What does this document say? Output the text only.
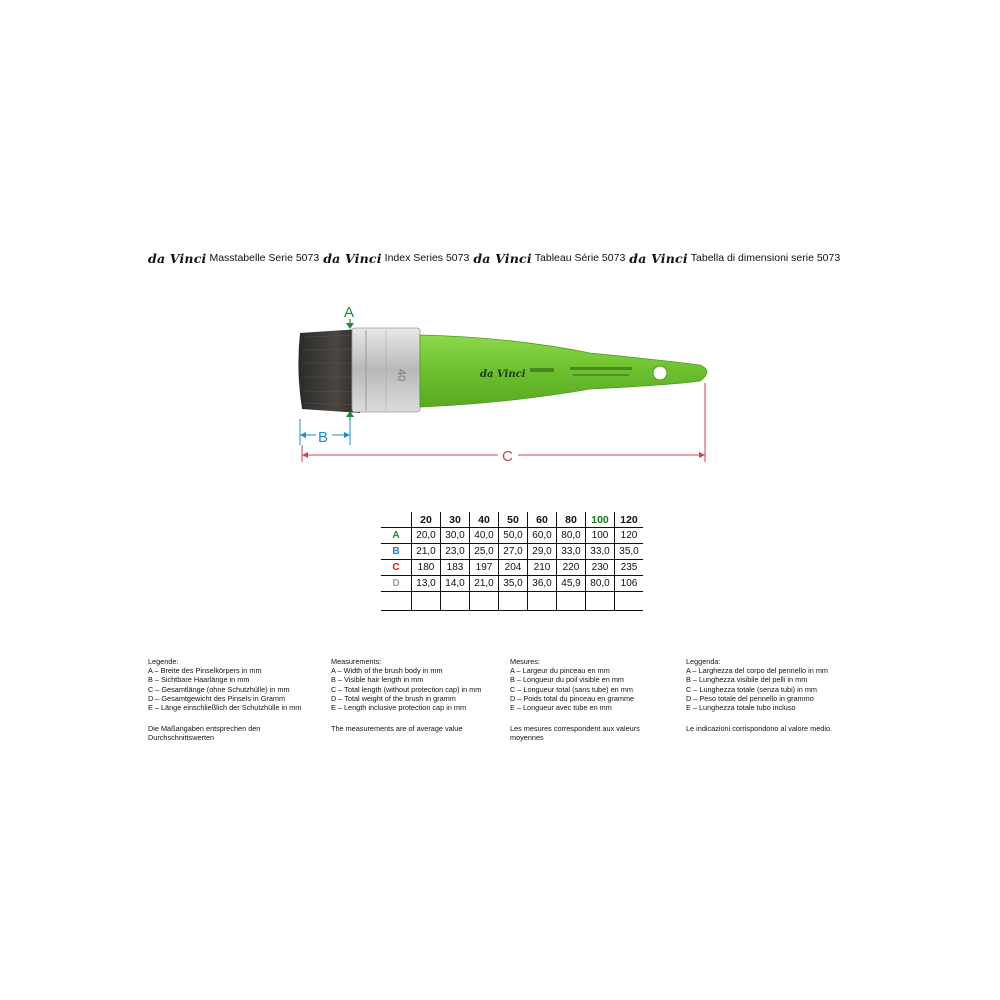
da Vinci Masstabelle Serie 5073 da Vinci Index Series 5073 da Vinci Tableau Série 5073 da Vinci Tabella di dimensioni serie 5073
40	da Vinci
A
B
C
	20	30	40	50	60	80	100	120
A	20,0	30,0	40,0	50,0	60,0	80,0	100	120
B	21,0	23,0	25,0	27,0	29,0	33,0	33,0	35,0
C	180	183	197	204	210	220	230	235
D	13,0	14,0	21,0	35,0	36,0	45,9	80,0	106

Legende:
A – Breite des Pinselkörpers in mm
B – Sichtbare Haarlänge in mm
C – Gesamtlänge (ohne Schutzhülle) in mm
D – Gesamtgewicht des Pinsels in Gramm
E – Länge einschließlich der Schutzhülle in mm
Die Maßangaben entsprechen den Durchschnittswerten
Measurements:
A – Width of the brush body in mm
B – Visible hair length in mm
C – Total length (without protection cap) in mm
D – Total weight of the brush in gramm
E – Length inclusive protection cap in mm
The measurements are of average value
Mesures:
A – Largeur du pinceau en mm
B – Longueur du poil visible en mm
C – Longueur total (sans tube) en mm
D – Poids total du pinceau en gramme
E – Longueur avec tube en mm
Les mesures correspondent aux valeurs moyennes
Leggenda:
A – Larghezza del corpo del pennello in mm
B – Lunghezza visibile del pelli in mm
C – Lunghezza totale (senza tubi) in mm
D – Peso totale del pennello in grammo
E – Lunghezza totale tubo incluso
Le indicazioni corrispondono al valore medio.
